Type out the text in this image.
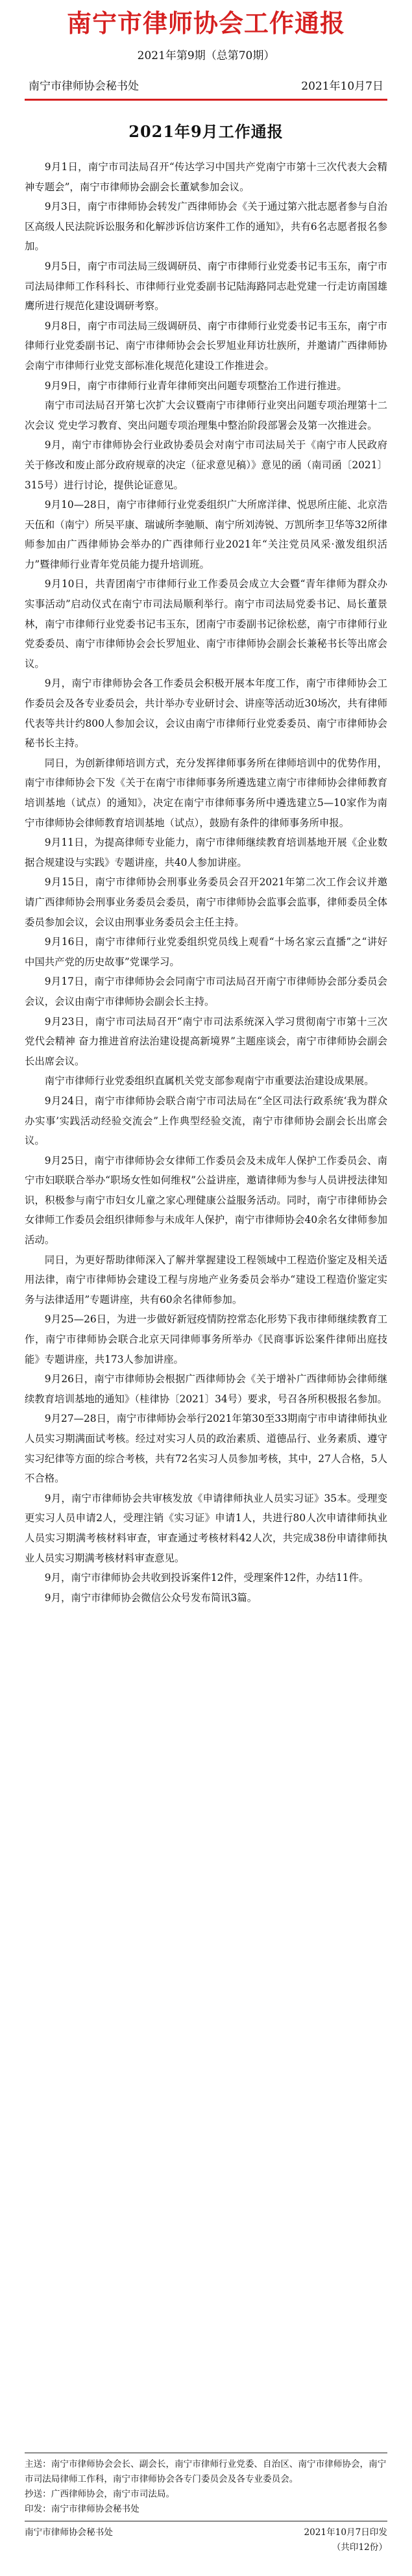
南宁市律师协会工作通报
2021年第9期（总第70期）
南宁市律师协会秘书处	2021年10月7日
2021年9月工作通报

9月1日，南宁市司法局召开“传达学习中国共产党南宁市第十三次代表大会精神专题会”，南宁市律师协会副会长董斌参加会议。

9月3日，南宁市律师协会转发广西律师协会《关于通过第六批志愿者参与自治区高级人民法院诉讼服务和化解涉诉信访案件工作的通知》，共有6名志愿者报名参加。

9月5日，南宁市司法局三级调研员、南宁市律师行业党委书记韦玉东，南宁市司法局律师工作科科长、市律师行业党委副书记陆海路同志赴党建一行走访南国雄鹰所进行规范化建设调研考察。

9月8日，南宁市司法局三级调研员、南宁市律师行业党委书记韦玉东，南宁市律师行业党委副书记、南宁市律师协会会长罗旭业拜访壮族所，并邀请广西律师协会南宁市律师行业党支部标准化规范化建设工作推进会。

9月9日，南宁市律师行业青年律师突出问题专项整治工作进行推进。

南宁市司法局召开第七次扩大会议暨南宁市律师行业突出问题专项治理第十二次会议 党史学习教育、突出问题专项治理集中整治阶段部署会及第一次推进会。

9月，南宁市律师协会行业政协委员会对南宁市司法局关于《南宁市人民政府关于修改和废止部分政府规章的决定（征求意见稿）》意见的函（南司函〔2021〕315号）进行讨论，提供论证意见。

9月10—28日，南宁市律师行业党委组织广大所席洋律、悦思所庄能、北京浩天伍和（南宁）所吴平康、瑞诚所李驰顺、南宁所刘涛锐、万凯所李卫华等32所律师参加由广西律师协会举办的广西律师行业2021年“关注党员风采·激发组织活力”暨律师行业青年党员能力提升培训班。

9月10日，共青团南宁市律师行业工作委员会成立大会暨“青年律师为群众办实事活动”启动仪式在南宁市司法局顺利举行。南宁市司法局党委书记、局长董景林，南宁市律师行业党委书记韦玉东，团南宁市委副书记徐松慈，南宁市律师行业党委委员、南宁市律师协会会长罗旭业、南宁市律师协会副会长兼秘书长等出席会议。

9月，南宁市律师协会各工作委员会积极开展本年度工作，南宁市律师协会工作委员会及各专业委员会，共计举办专业研讨会、讲座等活动近30场次，共有律师代表等共计约800人参加会议，会议由南宁市律师行业党委委员、南宁市律师协会秘书长主持。

同日，为创新律师培训方式，充分发挥律师事务所在律师培训中的优势作用，南宁市律师协会下发《关于在南宁市律师事务所遴选建立南宁市律师协会律师教育培训基地（试点）的通知》，决定在南宁市律师事务所中遴选建立5—10家作为南宁市律师协会律师教育培训基地（试点），鼓励有条件的律师事务所申报。

9月11日，为提高律师专业能力，南宁市律师继续教育培训基地开展《企业数据合规建设与实践》专题讲座，共40人参加讲座。

9月15日，南宁市律师协会刑事业务委员会召开2021年第二次工作会议并邀请广西律师协会刑事业务委员会委员，南宁市律师协会监事会监事，律师委员全体委员参加会议，会议由刑事业务委员会主任主持。

9月16日，南宁市律师行业党委组织党员线上观看“十场名家云直播”之“讲好中国共产党的历史故事”党课学习。

9月17日，南宁市律师协会会同南宁市司法局召开南宁市律师协会部分委员会会议，会议由南宁市律师协会副会长主持。

9月23日，南宁市司法局召开“南宁市司法系统深入学习贯彻南宁市第十三次党代会精神 奋力推进首府法治建设提高新境界”主题座谈会，南宁市律师协会副会长出席会议。

南宁市律师行业党委组织直属机关党支部参观南宁市重要法治建设成果展。

9月24日，南宁市律师协会联合南宁市司法局在“全区司法行政系统‘我为群众办实事’实践活动经验交流会”上作典型经验交流，南宁市律师协会副会长出席会议。

9月25日，南宁市律师协会女律师工作委员会及未成年人保护工作委员会、南宁市妇联联合举办“职场女性如何维权”公益讲座，邀请律师为参与人员讲授法律知识，积极参与南宁市妇女儿童之家心理健康公益服务活动。同时，南宁市律师协会女律师工作委员会组织律师参与未成年人保护，南宁市律师协会40余名女律师参加活动。

同日，为更好帮助律师深入了解并掌握建设工程领域中工程造价鉴定及相关适用法律，南宁市律师协会建设工程与房地产业务委员会举办“建设工程造价鉴定实务与法律适用”专题讲座，共有60余名律师参加。

9月25—26日，为进一步做好新冠疫情防控常态化形势下我市律师继续教育工作，南宁市律师协会联合北京天同律师事务所举办《民商事诉讼案件律师出庭技能》专题讲座，共173人参加讲座。

9月26日，南宁市律师协会根据广西律师协会《关于增补广西律师协会律师继续教育培训基地的通知》（桂律协〔2021〕34号）要求，号召各所积极报名参加。

9月27—28日，南宁市律师协会举行2021年第30至33期南宁市申请律师执业人员实习期满面试考核。经过对实习人员的政治素质、道德品行、业务素质、遵守实习纪律等方面的综合考核，共有72名实习人员参加考核，其中，27人合格，5人不合格。

9月，南宁市律师协会共审核发放《申请律师执业人员实习证》35本。受理变更实习人员申请2人，受理注销《实习证》申请1人，共进行80人次申请律师执业人员实习期满考核材料审查，审查通过考核材料42人次，共完成38份申请律师执业人员实习期满考核材料审查意见。

9月，南宁市律师协会共收到投诉案件12件，受理案件12件，办结11件。

9月，南宁市律师协会微信公众号发布简讯3篇。

主送：南宁市律师协会会长、副会长，南宁市律师行业党委、自治区、南宁市律师协会，南宁市司法局律师工作科，南宁市律师协会各专门委员会及各专业委员会。
抄送：广西律师协会，南宁市司法局。
印发：南宁市律师协会秘书处
南宁市律师协会秘书处	2021年10月7日印发
（共印12份）
